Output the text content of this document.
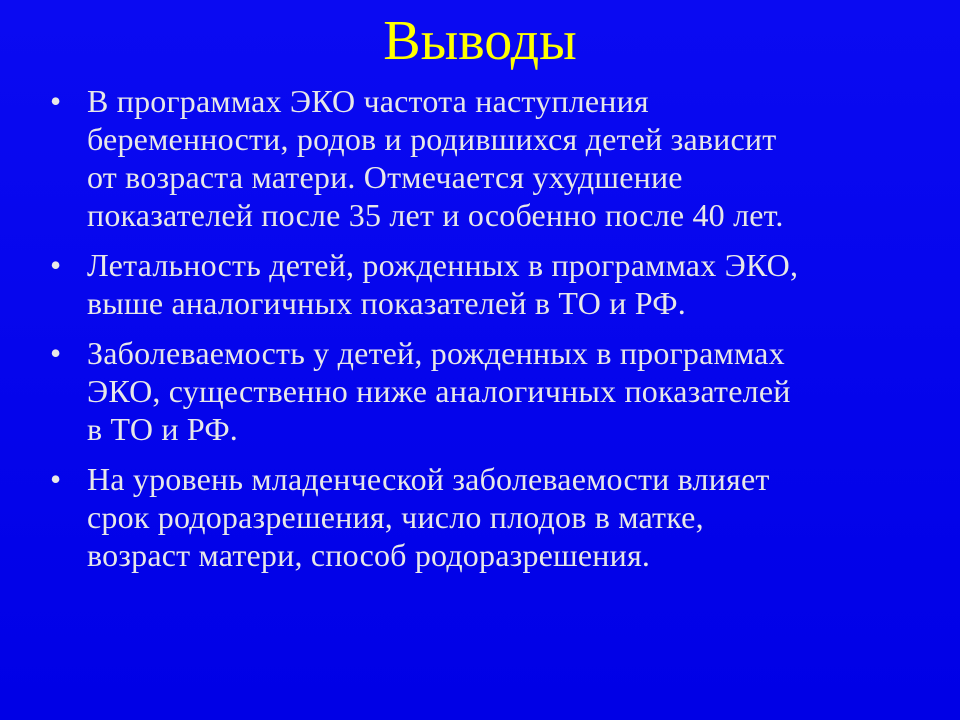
Выводы
• В программах ЭКО частота наступления
беременности, родов и родившихся детей зависит
от возраста матери. Отмечается ухудшение
показателей после 35 лет и особенно после 40 лет.
• Летальность детей, рожденных в программах ЭКО,
выше аналогичных показателей в ТО и РФ.
• Заболеваемость у детей, рожденных в программах
ЭКО, существенно ниже аналогичных показателей
в ТО и РФ.
• На уровень младенческой заболеваемости влияет
срок родоразрешения, число плодов в матке,
возраст матери, способ родоразрешения.
